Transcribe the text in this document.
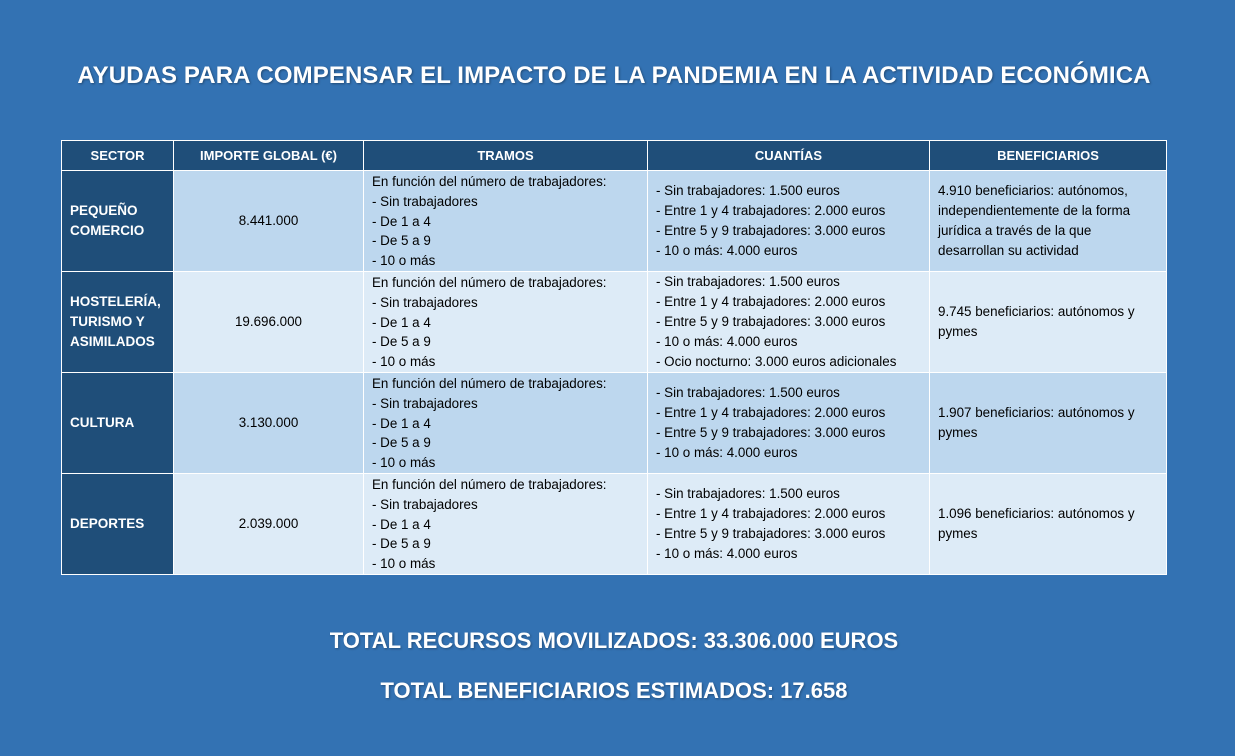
AYUDAS PARA COMPENSAR EL IMPACTO DE LA PANDEMIA EN LA ACTIVIDAD ECONÓMICA
SECTOR	IMPORTE GLOBAL (€)	TRAMOS	CUANTÍAS	BENEFICIARIOS

PEQUEÑO
COMERCIO	8.441.000	En función del número de trabajadores:
- Sin trabajadores
- De 1 a 4
- De 5 a 9
- 10 o más	- Sin trabajadores: 1.500 euros
- Entre 1 y 4 trabajadores: 2.000 euros
- Entre 5 y 9 trabajadores: 3.000 euros
- 10 o más: 4.000 euros	4.910 beneficiarios: autónomos,
independientemente de la forma
jurídica a través de la que
desarrollan su actividad

HOSTELERÍA,
TURISMO Y
ASIMILADOS	19.696.000	En función del número de trabajadores:
- Sin trabajadores
- De 1 a 4
- De 5 a 9
- 10 o más	- Sin trabajadores: 1.500 euros
- Entre 1 y 4 trabajadores: 2.000 euros
- Entre 5 y 9 trabajadores: 3.000 euros
- 10 o más: 4.000 euros
- Ocio nocturno: 3.000 euros adicionales	9.745 beneficiarios: autónomos y
pymes

CULTURA	3.130.000	En función del número de trabajadores:
- Sin trabajadores
- De 1 a 4
- De 5 a 9
- 10 o más	- Sin trabajadores: 1.500 euros
- Entre 1 y 4 trabajadores: 2.000 euros
- Entre 5 y 9 trabajadores: 3.000 euros
- 10 o más: 4.000 euros	1.907 beneficiarios: autónomos y
pymes

DEPORTES	2.039.000	En función del número de trabajadores:
- Sin trabajadores
- De 1 a 4
- De 5 a 9
- 10 o más	- Sin trabajadores: 1.500 euros
- Entre 1 y 4 trabajadores: 2.000 euros
- Entre 5 y 9 trabajadores: 3.000 euros
- 10 o más: 4.000 euros	1.096 beneficiarios: autónomos y
pymes
TOTAL RECURSOS MOVILIZADOS: 33.306.000 EUROS
TOTAL BENEFICIARIOS ESTIMADOS: 17.658
